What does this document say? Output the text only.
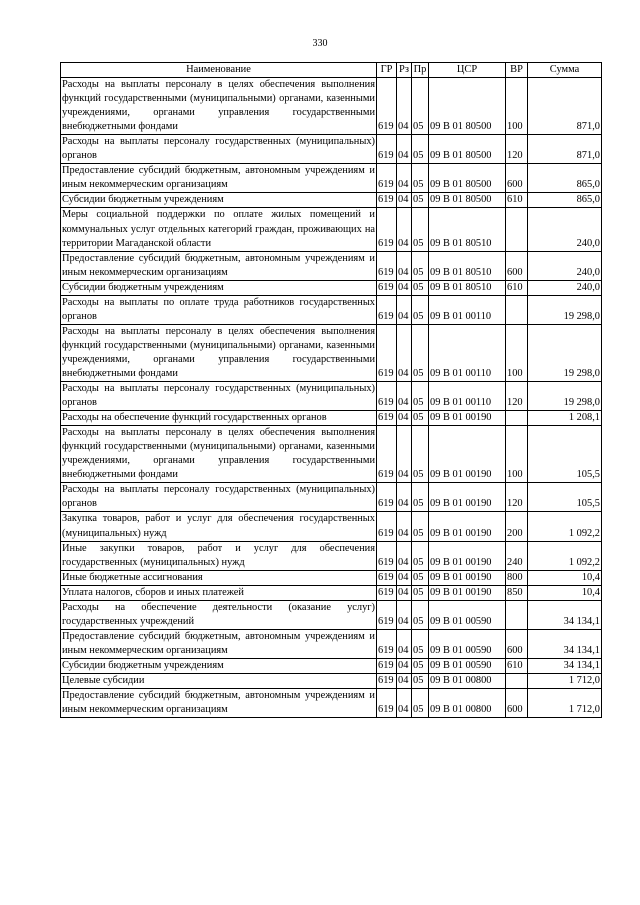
330
Наименование	ГР	Рз	Пр	ЦСР	ВР	Сумма
Расходы на выплаты персоналу в целях обеспечения выполнения функций государственными (муниципальными) органами, казенными учреждениями, органами управления государственными внебюджетными фондами	619	04	05	09 В 01 80500	100	871,0
Расходы на выплаты персоналу государственных (муниципальных) органов	619	04	05	09 В 01 80500	120	871,0
Предоставление субсидий бюджетным, автономным учреждениям и иным некоммерческим организациям	619	04	05	09 В 01 80500	600	865,0
Субсидии бюджетным учреждениям	619	04	05	09 В 01 80500	610	865,0
Меры социальной поддержки по оплате жилых помещений и коммунальных услуг отдельных категорий граждан, проживающих на территории Магаданской области	619	04	05	09 В 01 80510		240,0
Предоставление субсидий бюджетным, автономным учреждениям и иным некоммерческим организациям	619	04	05	09 В 01 80510	600	240,0
Субсидии бюджетным учреждениям	619	04	05	09 В 01 80510	610	240,0
Расходы на выплаты по оплате труда работников государственных органов	619	04	05	09 В 01 00110		19 298,0
Расходы на выплаты персоналу в целях обеспечения выполнения функций государственными (муниципальными) органами, казенными учреждениями, органами управления государственными внебюджетными фондами	619	04	05	09 В 01 00110	100	19 298,0
Расходы на выплаты персоналу государственных (муниципальных) органов	619	04	05	09 В 01 00110	120	19 298,0
Расходы на обеспечение функций государственных органов	619	04	05	09 В 01 00190		1 208,1
Расходы на выплаты персоналу в целях обеспечения выполнения функций государственными (муниципальными) органами, казенными учреждениями, органами управления государственными внебюджетными фондами	619	04	05	09 В 01 00190	100	105,5
Расходы на выплаты персоналу государственных (муниципальных) органов	619	04	05	09 В 01 00190	120	105,5
Закупка товаров, работ и услуг для обеспечения государственных (муниципальных) нужд	619	04	05	09 В 01 00190	200	1 092,2
Иные закупки товаров, работ и услуг для обеспечения государственных (муниципальных) нужд	619	04	05	09 В 01 00190	240	1 092,2
Иные бюджетные ассигнования	619	04	05	09 В 01 00190	800	10,4
Уплата налогов, сборов и иных платежей	619	04	05	09 В 01 00190	850	10,4
Расходы на обеспечение деятельности (оказание услуг) государственных учреждений	619	04	05	09 В 01 00590		34 134,1
Предоставление субсидий бюджетным, автономным учреждениям и иным некоммерческим организациям	619	04	05	09 В 01 00590	600	34 134,1
Субсидии бюджетным учреждениям	619	04	05	09 В 01 00590	610	34 134,1
Целевые субсидии	619	04	05	09 В 01 00800		1 712,0
Предоставление субсидий бюджетным, автономным учреждениям и иным некоммерческим организациям	619	04	05	09 В 01 00800	600	1 712,0
